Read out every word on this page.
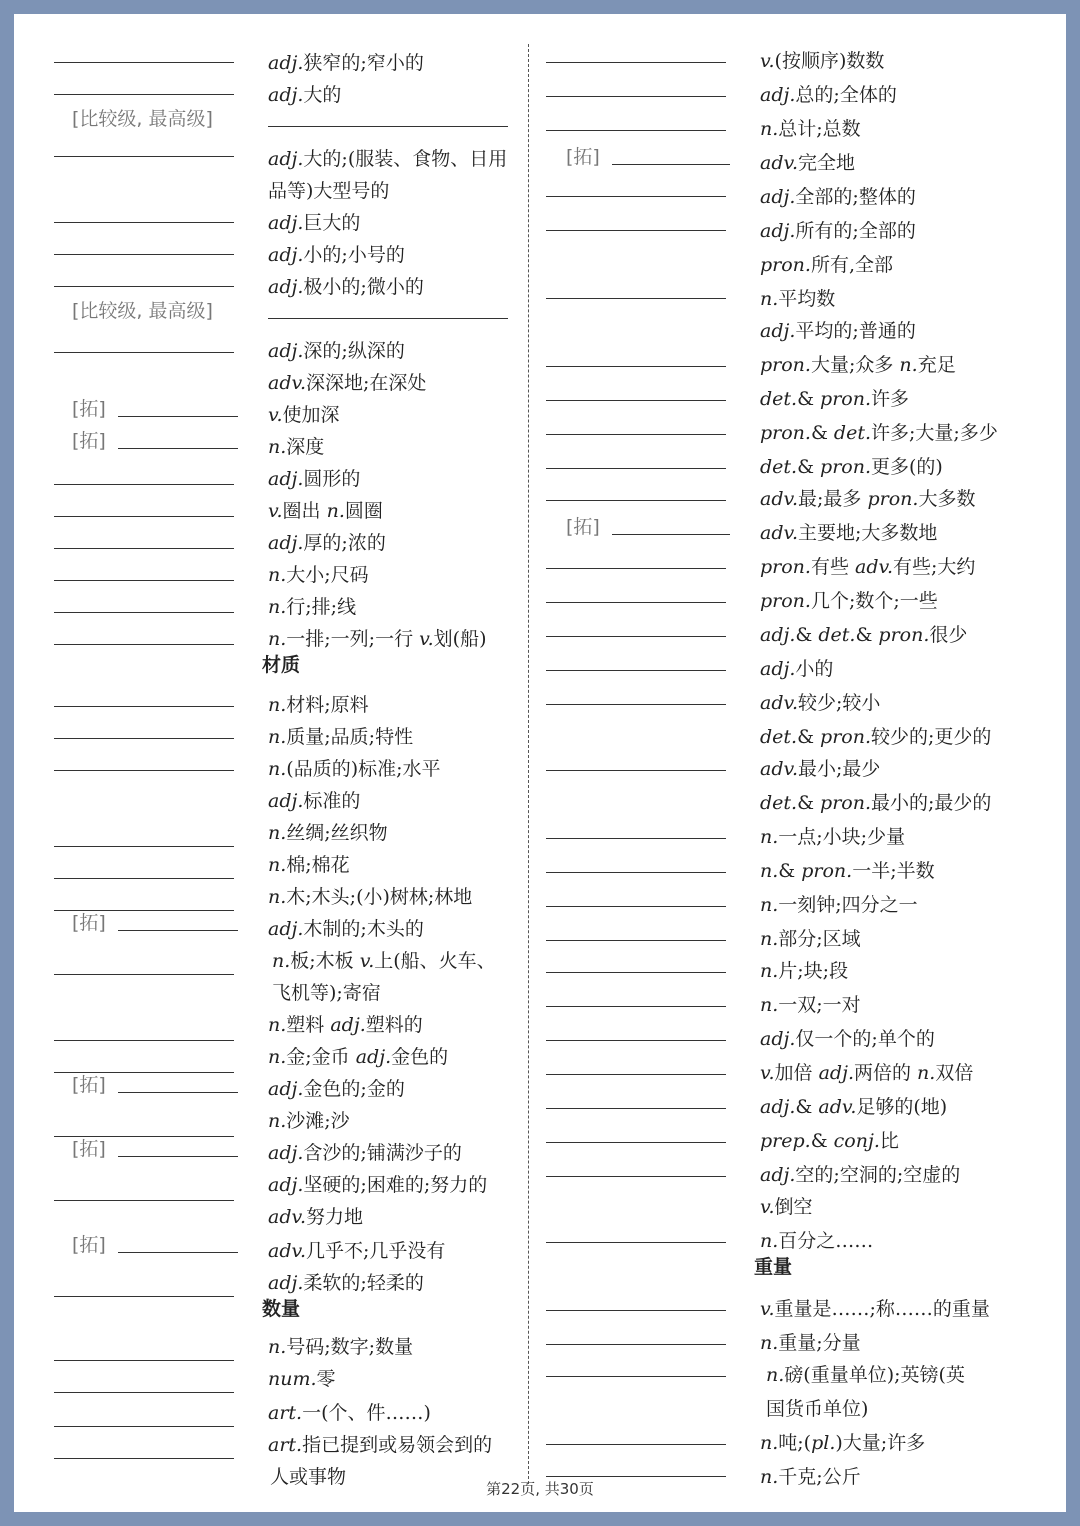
[比较级, 最高级]
[比较级, 最高级]
[拓]
[拓]
[拓]
[拓]
[拓]
[拓]
[拓]
[拓]
adj.狭窄的;窄小的
adj.大的
adj.大的;(服装、食物、日用
品等)大型号的
adj.巨大的
adj.小的;小号的
adj.极小的;微小的
adj.深的;纵深的
adv.深深地;在深处
v.使加深
n.深度
adj.圆形的
v.圈出 n.圆圈
adj.厚的;浓的
n.大小;尺码
n.行;排;线
n.一排;一列;一行 v.划(船)
n.材料;原料
n.质量;品质;特性
n.(品质的)标准;水平
adj.标准的
n.丝绸;丝织物
n.棉;棉花
n.木;木头;(小)树林;林地
adj.木制的;木头的
n.板;木板 v.上(船、火车、
飞机等);寄宿
n.塑料 adj.塑料的
n.金;金币 adj.金色的
adj.金色的;金的
n.沙滩;沙
adj.含沙的;铺满沙子的
adj.坚硬的;困难的;努力的
adv.努力地
adv.几乎不;几乎没有
adj.柔软的;轻柔的
n.号码;数字;数量
num.零
art.一(个、件……)
art.指已提到或易领会到的
人或事物
v.(按顺序)数数
adj.总的;全体的
n.总计;总数
adv.完全地
adj.全部的;整体的
adj.所有的;全部的
pron.所有,全部
n.平均数
adj.平均的;普通的
pron.大量;众多 n.充足
det.& pron.许多
pron.& det.许多;大量;多少
det.& pron.更多(的)
adv.最;最多 pron.大多数
adv.主要地;大多数地
pron.有些 adv.有些;大约
pron.几个;数个;一些
adj.& det.& pron.很少
adj.小的
adv.较少;较小
det.& pron.较少的;更少的
adv.最小;最少
det.& pron.最小的;最少的
n.一点;小块;少量
n.& pron.一半;半数
n.一刻钟;四分之一
n.部分;区域
n.片;块;段
n.一双;一对
adj.仅一个的;单个的
v.加倍 adj.两倍的 n.双倍
adj.& adv.足够的(地)
prep.& conj.比
adj.空的;空洞的;空虚的
v.倒空
n.百分之……
v.重量是……;称……的重量
n.重量;分量
n.磅(重量单位);英镑(英
国货币单位)
n.吨;(pl.)大量;许多
n.千克;公斤
材质
数量
重量
第22页, 共30页
